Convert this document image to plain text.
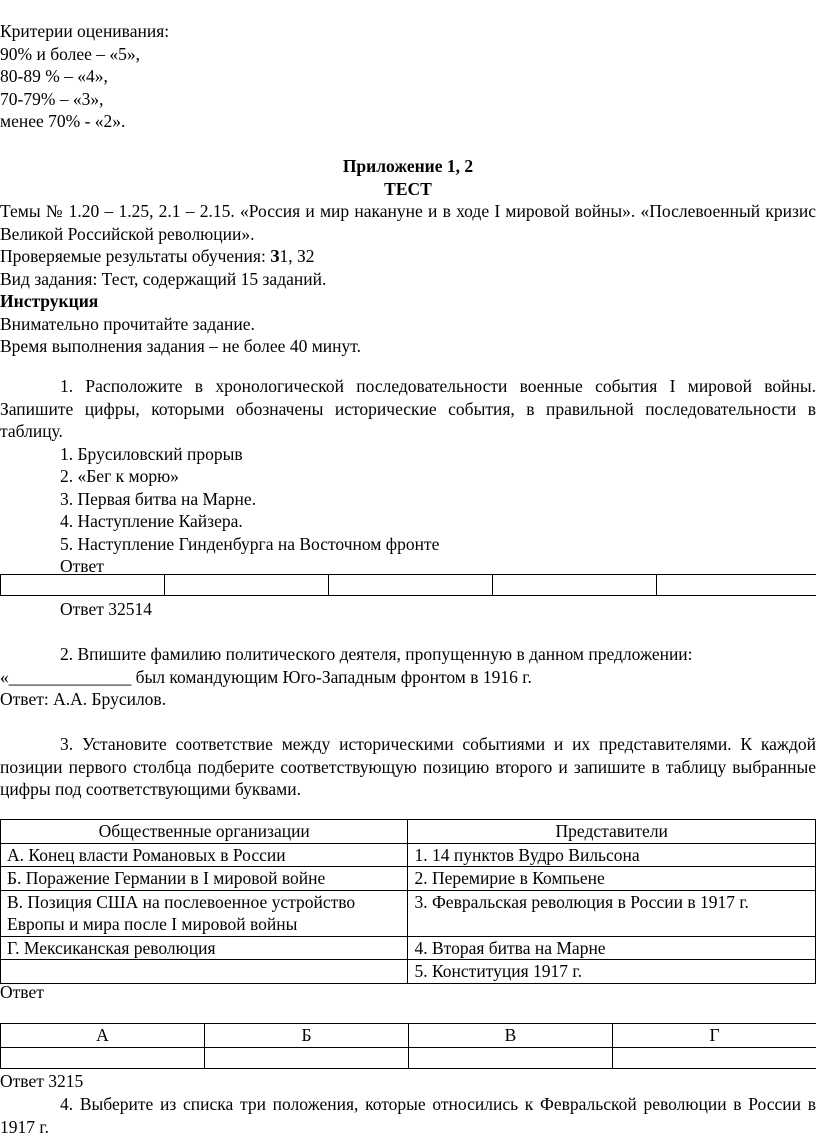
Критерии оценивания:

90% и более – «5»,

80-89 % – «4»,

70-79% – «3»,

менее 70% - «2».

Приложение 1, 2

ТЕСТ

Темы № 1.20 – 1.25, 2.1 – 2.15. «Россия и мир накануне и в ходе I мировой войны». «Послевоенный кризис Великой Российской революции».

Проверяемые результаты обучения: З1, З2

Вид задания: Тест, содержащий 15 заданий.

Инструкция

Внимательно прочитайте задание.

Время выполнения задания – не более 40 минут.

1. Расположите в хронологической последовательности военные события I мировой войны. Запишите цифры, которыми обозначены исторические события, в правильной последовательности в таблицу.

1. Брусиловский прорыв

2. «Бег к морю»

3. Первая битва на Марне.

4. Наступление Кайзера.

5. Наступление Гинденбурга на Восточном фронте

Ответ

Ответ 32514

2. Впишите фамилию политического деятеля, пропущенную в данном предложении:

«______________ был командующим Юго-Западным фронтом в 1916 г.

Ответ: А.А. Брусилов.

3. Установите соответствие между историческими событиями и их представителями. К каждой позиции первого столбца подберите соответствующую позицию второго и запишите в таблицу выбранные цифры под соответствующими буквами.

Общественные организации	Представители
А. Конец власти Романовых в России	1. 14 пунктов Вудро Вильсона
Б. Поражение Германии в I мировой войне	2. Перемирие в Компьене
В. Позиция США на послевоенное устройство Европы и мира после I мировой войны	3. Февральская революция в России в 1917 г.
Г. Мексиканская революция	4. Вторая битва на Марне
	5. Конституция 1917 г.

Ответ

А	Б	В	Г

Ответ 3215

4. Выберите из списка три положения, которые относились к Февральской революции в России в 1917 г.
